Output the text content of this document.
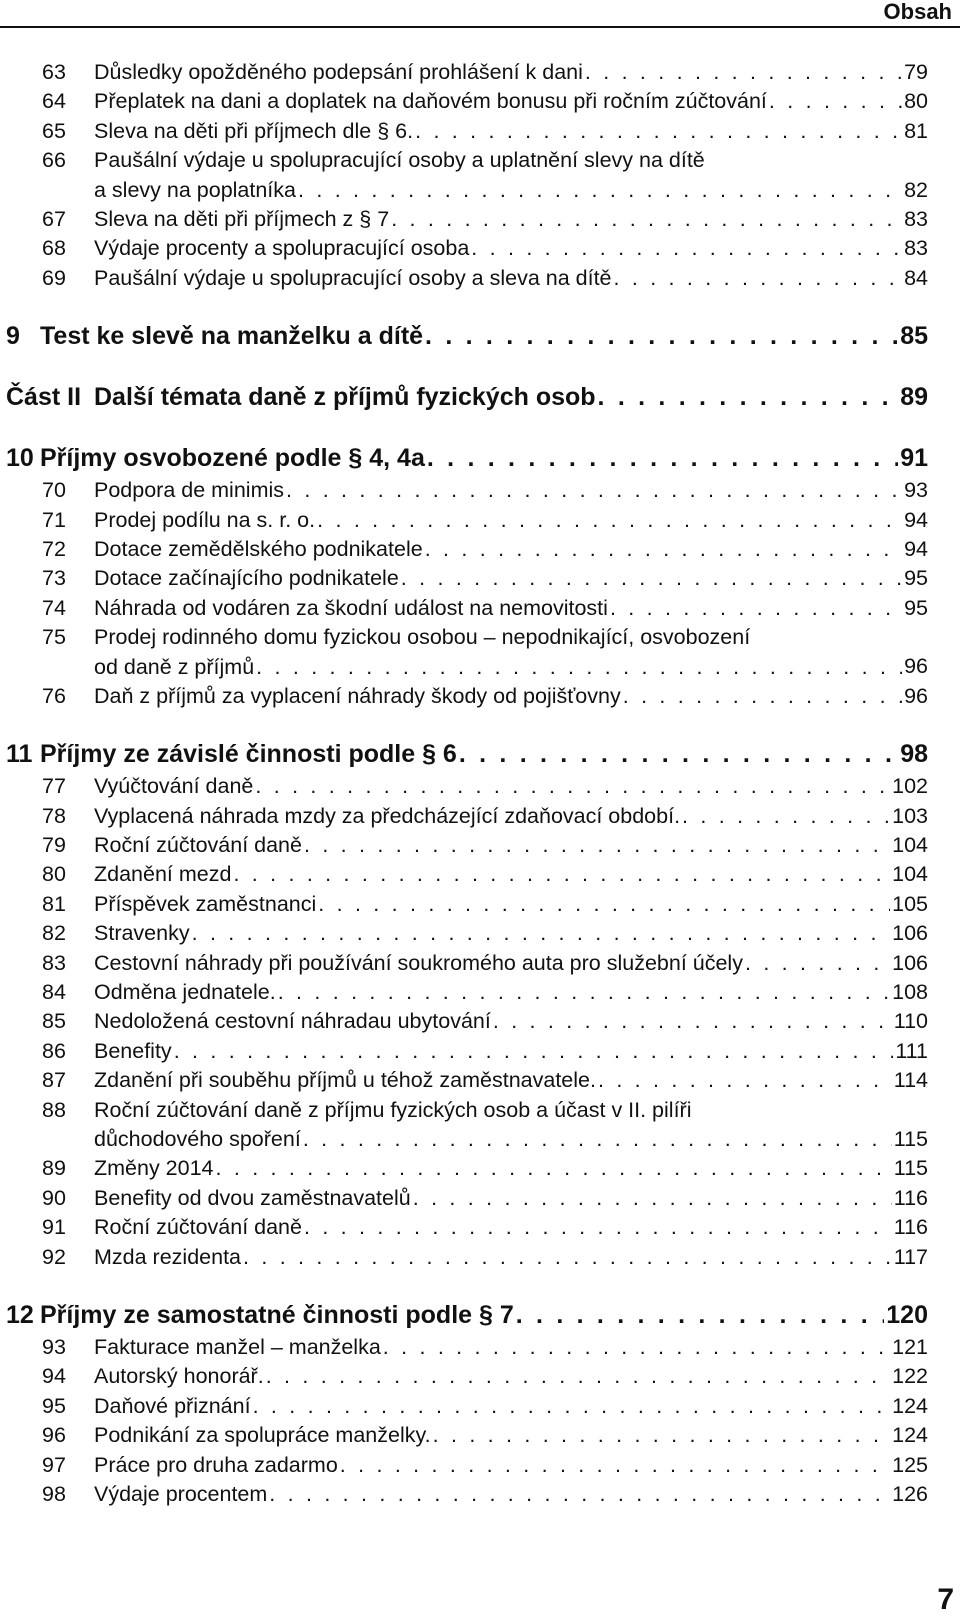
Obsah
63	Důsledky opožděného podepsání prohlášení k dani . . .	79
64	Přeplatek na dani a doplatek na daňovém bonusu při ročním zúčtování . . .	80
65	Sleva na děti při příjmech dle § 6. . . .	81
66	Paušální výdaje u spolupracující osoby a uplatnění slevy na dítě
a slevy na poplatníka . . .	82
67	Sleva na děti při příjmech z § 7 . . .	83
68	Výdaje procenty a spolupracující osoba . . .	83
69	Paušální výdaje u spolupracující osoby a sleva na dítě . . .	84
9 Test ke slevě na manželku a dítě . . .	85
Část II Další témata daně z příjmů fyzických osob . . .	89
10 Příjmy osvobozené podle § 4, 4a . . .	91
70	Podpora de minimis . . .	93
71	Prodej podílu na s. r. o. . . .	94
72	Dotace zemědělského podnikatele . . .	94
73	Dotace začínajícího podnikatele . . .	95
74	Náhrada od vodáren za škodní událost na nemovitosti . . .	95
75	Prodej rodinného domu fyzickou osobou – nepodnikající, osvobození
od daně z příjmů . . .	96
76	Daň z příjmů za vyplacení náhrady škody od pojišťovny . . .	96
11 Příjmy ze závislé činnosti podle § 6 . . .	98
77	Vyúčtování daně . . .	102
78	Vyplacená náhrada mzdy za předcházející zdaňovací období. . . .	103
79	Roční zúčtování daně . . .	104
80	Zdanění mezd . . .	104
81	Příspěvek zaměstnanci . . .	105
82	Stravenky . . .	106
83	Cestovní náhrady při používání soukromého auta pro služební účely . . .	106
84	Odměna jednatele. . . .	108
85	Nedoložená cestovní náhradau ubytování . . .	110
86	Benefity . . .	111
87	Zdanění při souběhu příjmů u téhož zaměstnavatele. . . .	114
88	Roční zúčtování daně z příjmu fyzických osob a účast v II. pilíři
důchodového spoření . . .	115
89	Změny 2014 . . .	115
90	Benefity od dvou zaměstnavatelů . . .	116
91	Roční zúčtování daně . . .	116
92	Mzda rezidenta . . .	117
12 Příjmy ze samostatné činnosti podle § 7 . . .	120
93	Fakturace manžel – manželka . . .	121
94	Autorský honorář. . . .	122
95	Daňové přiznání . . .	124
96	Podnikání za spolupráce manželky. . . .	124
97	Práce pro druha zadarmo . . .	125
98	Výdaje procentem . . .	126
7
